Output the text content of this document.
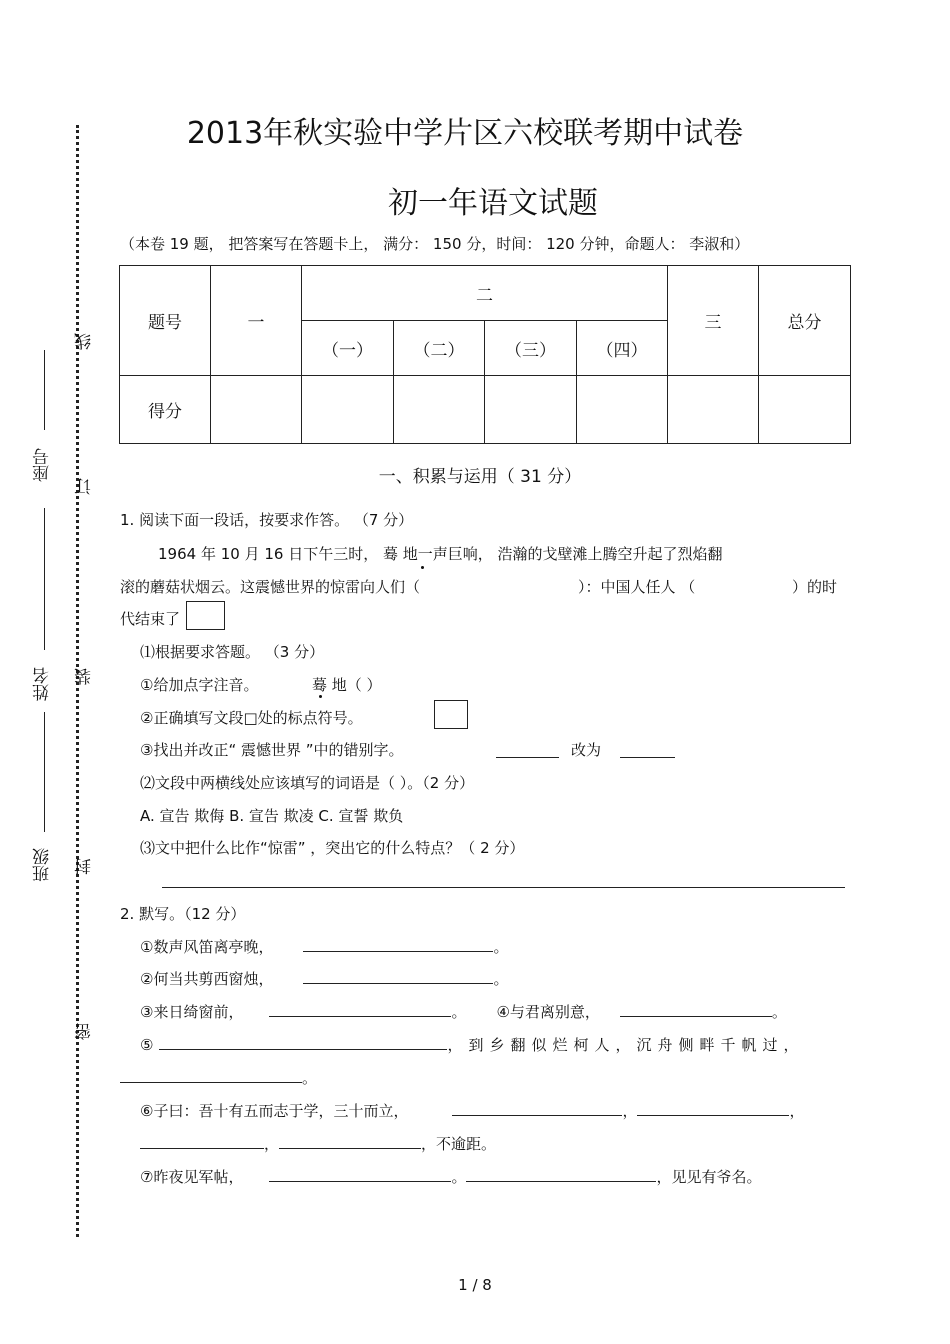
线
订
装
封
密
座号
姓名
班级
2013年秋实验中学片区六校联考期中试卷
初一年语文试题
（本卷 19 题， 把答案写在答题卡上， 满分： 150 分，时间： 120 分钟，命题人： 李淑和）
题号	一	二				三	总分
		（一）	（二）	（三）	（四）		
得分							
一、积累与运用（ 31 分）
1. 阅读下面一段话，按要求作答。 （7 分）
1964 年 10 月 16 日下午三时， 蓦 地一声巨响， 浩瀚的戈壁滩上腾空升起了烈焰翻
滚的蘑菇状烟云。这震憾世界的惊雷向人们（	）：中国人任人 （	）的时
代结束了
⑴根据要求答题。 （3 分）
①给加点字注音。	蓦 地（ ）
②正确填写文段□处的标点符号。
③找出并改正“ 震憾世界 ”中的错别字。	改为
⑵文段中两横线处应该填写的词语是（ ）。（2 分）
A. 宣告 欺侮 B. 宣告 欺凌 C. 宣誓 欺负
⑶文中把什么比作“惊雷” ，突出它的什么特点？（ 2 分）
2. 默写。（12 分）
①数声风笛离亭晚，	。
②何当共剪西窗烛，	。
③来日绮窗前，	。 ④与君离别意，	。
⑤	，到乡翻似烂柯人，沉舟侧畔千帆过，
。
⑥子曰：吾十有五而志于学，三十而立，	，	，
，	，不逾距。
⑦昨夜见军帖，	。	，见见有爷名。
1 / 8
